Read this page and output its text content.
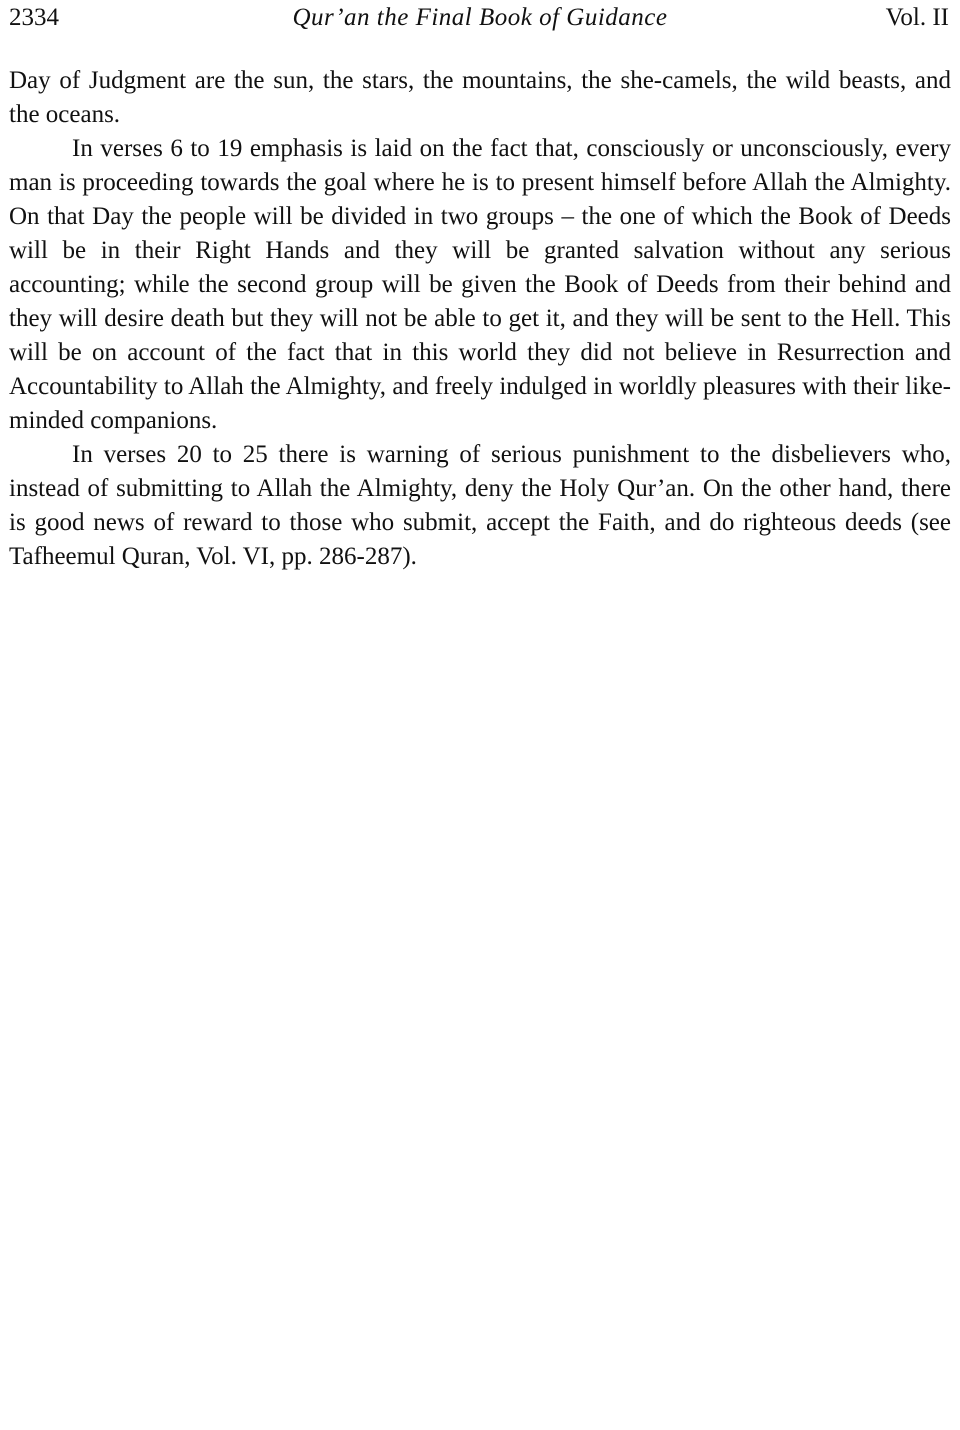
2334	Qur’an the Final Book of Guidance	Vol. II

Day of Judgment are the sun, the stars, the mountains, the she-camels, the wild beasts, and the oceans.

In verses 6 to 19 emphasis is laid on the fact that, consciously or unconsciously, every man is proceeding towards the goal where he is to present himself before Allah the Almighty. On that Day the people will be divided in two groups – the one of which the Book of Deeds will be in their Right Hands and they will be granted salvation without any serious accounting; while the second group will be given the Book of Deeds from their behind and they will desire death but they will not be able to get it, and they will be sent to the Hell. This will be on account of the fact that in this world they did not believe in Resurrection and Accountability to Allah the Almighty, and freely indulged in worldly pleasures with their like-minded companions.

In verses 20 to 25 there is warning of serious punishment to the disbelievers who, instead of submitting to Allah the Almighty, deny the Holy Qur’an. On the other hand, there is good news of reward to those who submit, accept the Faith, and do righteous deeds (see Tafheemul Quran, Vol. VI, pp. 286-287).
